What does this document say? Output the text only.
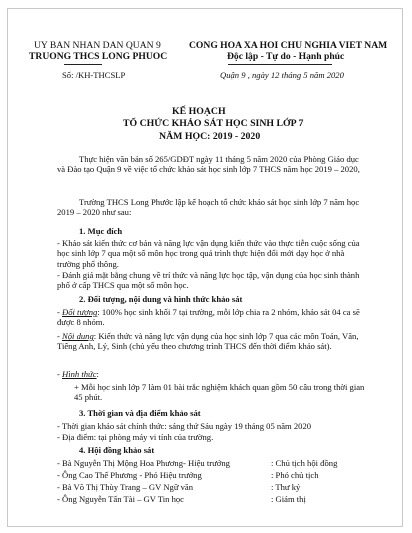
UY BAN NHAN DAN QUAN 9
TRUONG THCS LONG PHUOC
Số: /KH-THCSLP
CONG HOA XA HOI CHU NGHIA VIET NAM
Độc lập - Tự do - Hạnh phúc
Quận 9 , ngày 12 tháng 5 năm 2020
KẾ HOẠCH
TỔ CHỨC KHẢO SÁT HỌC SINH LỚP 7
NĂM HỌC: 2019 - 2020
Thực hiện văn bản số 265/GDĐT ngày 11 tháng 5 năm 2020 của Phòng Giáo dục và Đào tạo Quận 9 về việc tổ chức khảo sát học sinh lớp 7 THCS năm học 2019 – 2020,
Trường THCS Long Phước lập kế hoạch tổ chức khảo sát học sinh lớp 7 năm học 2019 – 2020 như sau:
1. Mục đích
- Khảo sát kiến thức cơ bản và năng lực vận dụng kiến thức vào thực tiễn cuộc sống của học sinh lớp 7 qua một số môn học trong quá trình thực hiện đổi mới dạy học ở nhà trường phổ thông.
- Đánh giá mặt bằng chung về trí thức và năng lực học tập, vận dụng của học sinh thành phố ở cấp THCS qua một số môn học.
2. Đối tượng, nội dung và hình thức khảo sát
- Đối tượng: 100% học sinh khối 7 tại trường, mỗi lớp chia ra 2 nhóm, khảo sát 04 ca sẽ được 8 nhóm.
- Nội dung: Kiến thức và năng lực vận dụng của học sinh lớp 7 qua các môn Toán, Văn, Tiếng Anh, Lý, Sinh (chủ yếu theo chương trình THCS đến thời điểm khảo sát).
- Hình thức:
+ Mỗi học sinh lớp 7 làm 01 bài trắc nghiệm khách quan gồm 50 câu trong thời gian 45 phút.
3. Thời gian và địa điểm khảo sát
- Thời gian khảo sát chính thức: sáng thứ Sáu ngày 19 tháng 05 năm 2020
- Địa điểm: tại phòng máy vi tính của trường.
4. Hội đồng khảo sát
- Bà Nguyễn Thị Mộng Hoa Phương- Hiệu trưởng	: Chủ tịch hội đồng
- Ông Cao Thế Phương - Phó Hiệu trưởng	: Phó chủ tịch
- Bà Võ Thị Thùy Trang – GV Ngữ văn	: Thư ký
- Ông Nguyễn Tấn Tài – GV Tin học	: Giám thị
